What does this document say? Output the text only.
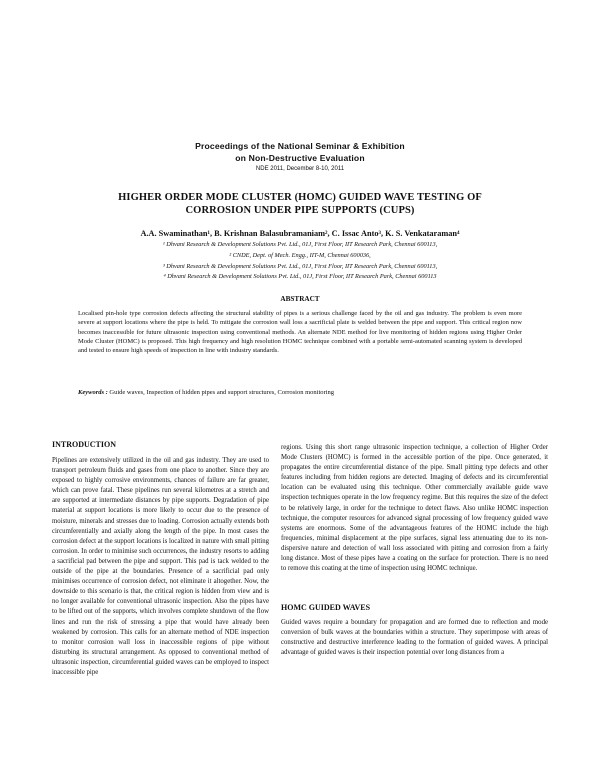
Proceedings of the National Seminar & Exhibition
on Non-Destructive Evaluation
NDE 2011, December 8-10, 2011
HIGHER ORDER MODE CLUSTER (HOMC) GUIDED WAVE TESTING OF
CORROSION UNDER PIPE SUPPORTS (CUPS)
A.A. Swaminathan¹, B. Krishnan Balasubramaniam², C. Issac Anto³, K. S. Venkataraman⁴
¹ Dhvani Research & Development Solutions Pvt. Ltd., 01J, First Floor, IIT Research Park, Chennai 600113,
² CNDE, Dept. of Mech. Engg., IIT-M, Chennai 600036,
³ Dhvani Research & Development Solutions Pvt. Ltd., 01J, First Floor, IIT Research Park, Chennai 600113,
⁴ Dhvani Research & Development Solutions Pvt. Ltd., 01J, First Floor, IIT Research Park, Chennai 600113
ABSTRACT
Localised pin-hole type corrosion defects affecting the structural stability of pipes is a serious challenge faced by the oil and gas industry. The problem is even more severe at support locations where the pipe is held. To mitigate the corrosion wall loss a sacrificial plate is welded between the pipe and support. This critical region now becomes inaccessible for future ultrasonic inspection using conventional methods. An alternate NDE method for live monitoring of hidden regions using Higher Order Mode Cluster (HOMC) is proposed. This high frequency and high resolution HOMC technique combined with a portable semi-automated scanning system is developed and tested to ensure high speeds of inspection in line with industry standards.
Keywords : Guide waves, Inspection of hidden pipes and support structures, Corrosion monitoring
INTRODUCTION
Pipelines are extensively utilized in the oil and gas industry. They are used to transport petroleum fluids and gases from one place to another. Since they are exposed to highly corrosive environments, chances of failure are far greater, which can prove fatal. These pipelines run several kilometres at a stretch and are supported at intermediate distances by pipe supports. Degradation of pipe material at support locations is more likely to occur due to the presence of moisture, minerals and stresses due to loading. Corrosion actually extends both circumferentially and axially along the length of the pipe. In most cases the corrosion defect at the support locations is localized in nature with small pitting corrosion. In order to minimise such occurrences, the industry resorts to adding a sacrificial pad between the pipe and support. This pad is tack welded to the outside of the pipe at the boundaries. Presence of a sacrificial pad only minimises occurrence of corrosion defect, not eliminate it altogether. Now, the downside to this scenario is that, the critical region is hidden from view and is no longer available for conventional ultrasonic inspection. Also the pipes have to be lifted out of the supports, which involves complete shutdown of the flow lines and run the risk of stressing a pipe that would have already been weakened by corrosion. This calls for an alternate method of NDE inspection to monitor corrosion wall loss in inaccessible regions of pipe without disturbing its structural arrangement. As opposed to conventional method of ultrasonic inspection, circumferential guided waves can be employed to inspect inaccessible pipe
regions. Using this short range ultrasonic inspection technique, a collection of Higher Order Mode Clusters (HOMC) is formed in the accessible portion of the pipe. Once generated, it propagates the entire circumferential distance of the pipe. Small pitting type defects and other features including from hidden regions are detected. Imaging of defects and its circumferential location can be evaluated using this technique. Other commercially available guide wave inspection techniques operate in the low frequency regime. But this requires the size of the defect to be relatively large, in order for the technique to detect flaws. Also unlike HOMC inspection technique, the computer resources for advanced signal processing of low frequency guided wave systems are enormous. Some of the advantageous features of the HOMC include the high frequencies, minimal displacement at the pipe surfaces, signal less attenuating due to its non-dispersive nature and detection of wall loss associated with pitting and corrosion from a fairly long distance. Most of these pipes have a coating on the surface for protection. There is no need to remove this coating at the time of inspection using HOMC technique.
HOMC GUIDED WAVES
Guided waves require a boundary for propagation and are formed due to reflection and mode conversion of bulk waves at the boundaries within a structure. They superimpose with areas of constructive and destructive interference leading to the formation of guided waves. A principal advantage of guided waves is their inspection potential over long distances from a
